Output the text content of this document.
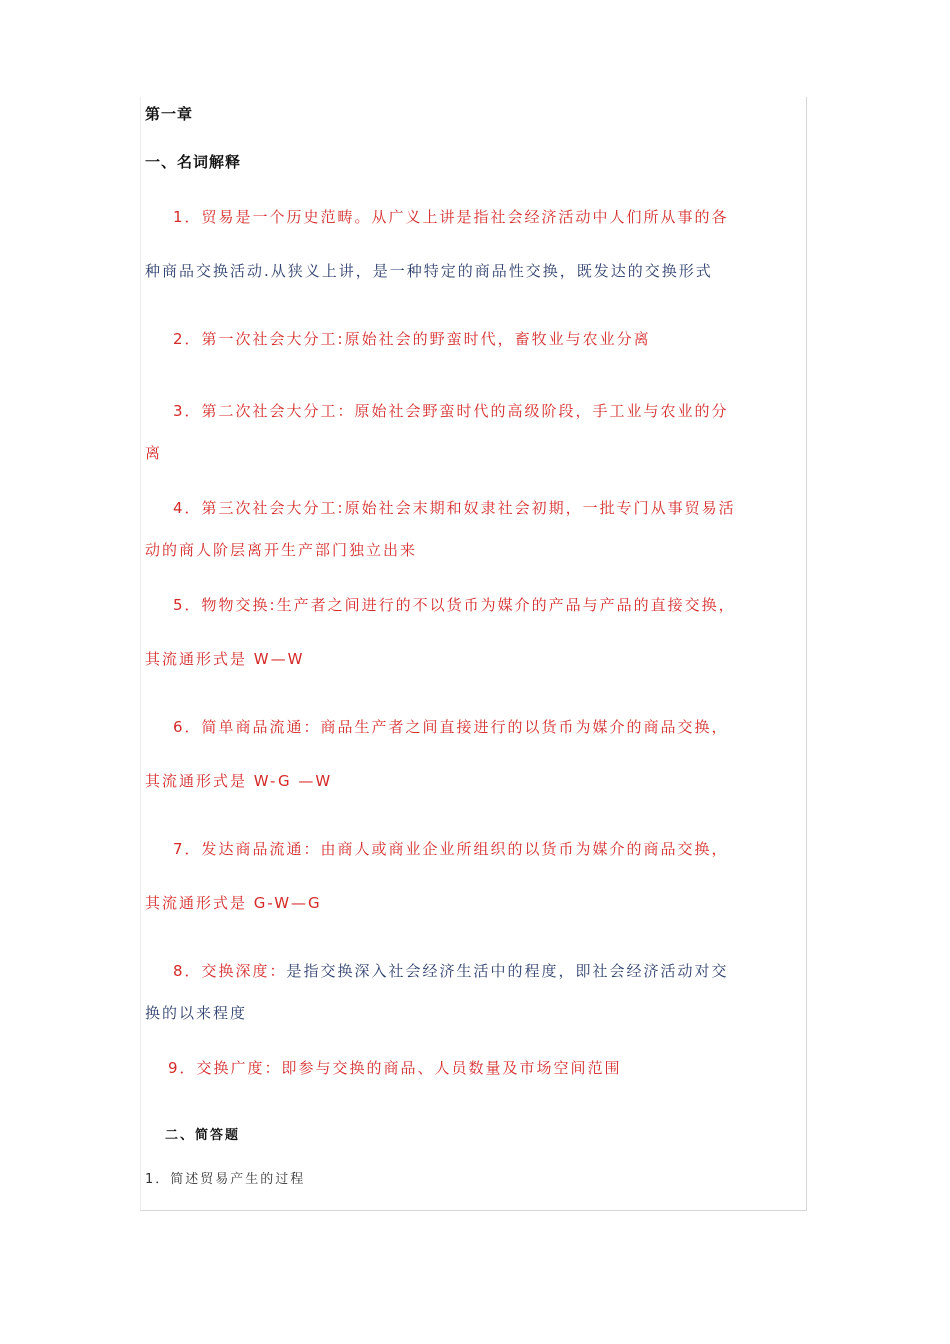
第一章
一、名词解释
1．贸易是一个历史范畴。从广义上讲是指社会经济活动中人们所从事的各
种商品交换活动.从狭义上讲，是一种特定的商品性交换，既发达的交换形式
2．第一次社会大分工:原始社会的野蛮时代，畜牧业与农业分离
3．第二次社会大分工：原始社会野蛮时代的高级阶段，手工业与农业的分
离
4．第三次社会大分工:原始社会末期和奴隶社会初期，一批专门从事贸易活
动的商人阶层离开生产部门独立出来
5．物物交换:生产者之间进行的不以货币为媒介的产品与产品的直接交换，
其流通形式是 W—W
6．简单商品流通：商品生产者之间直接进行的以货币为媒介的商品交换，
其流通形式是 W-G —W
7．发达商品流通：由商人或商业企业所组织的以货币为媒介的商品交换，
其流通形式是 G-W—G
8．交换深度：是指交换深入社会经济生活中的程度，即社会经济活动对交
换的以来程度
9．交换广度：即参与交换的商品、人员数量及市场空间范围
二、简答题
1．简述贸易产生的过程
